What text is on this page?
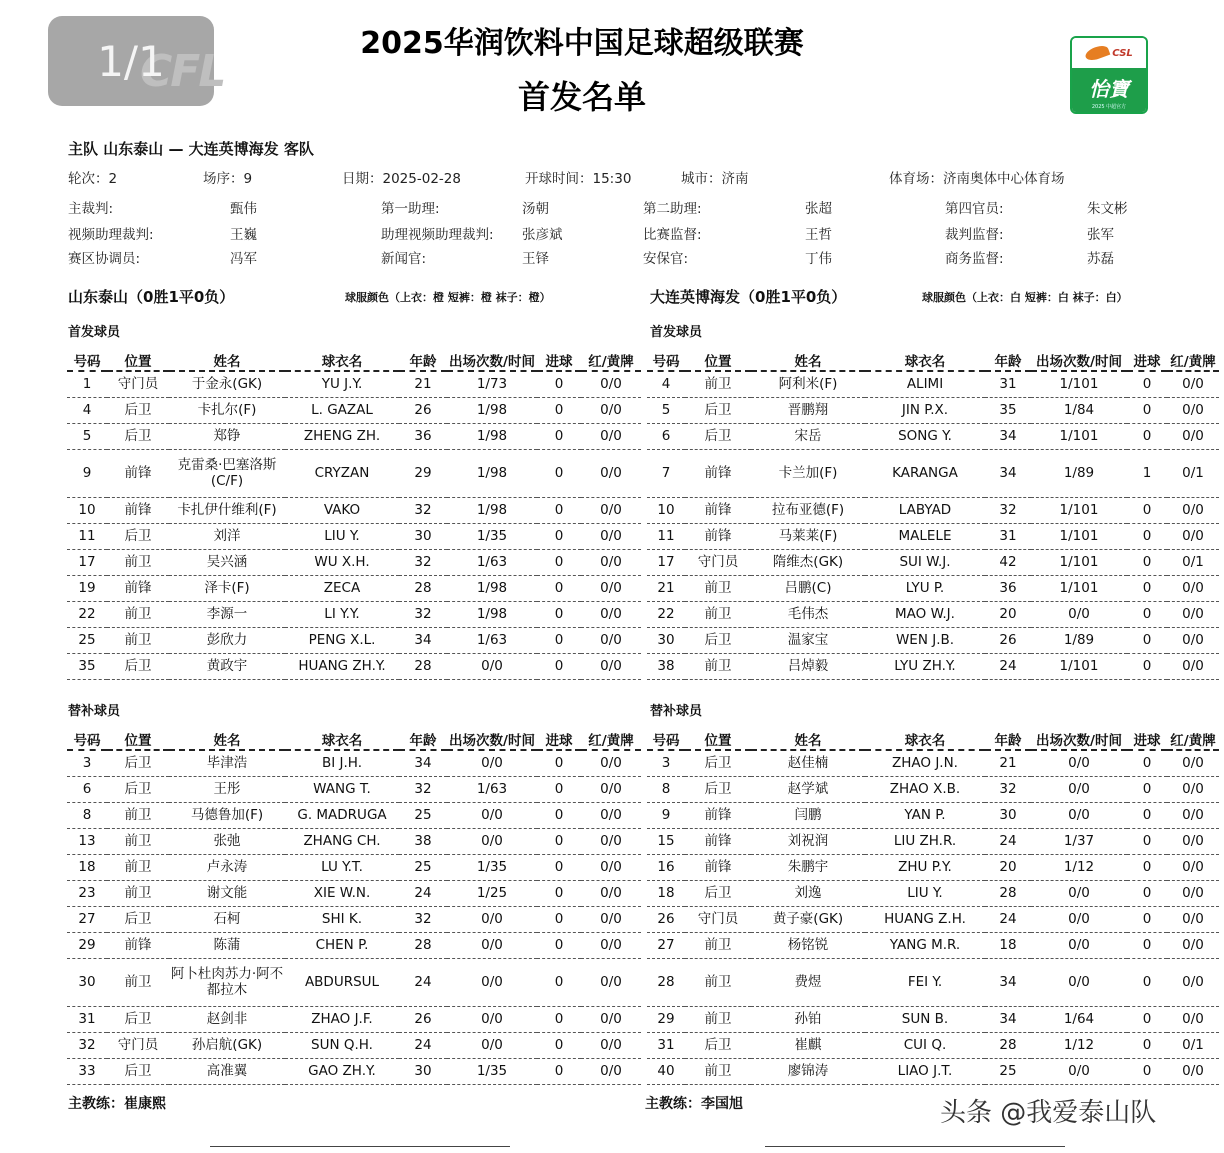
CFL
1/1	2025华润饮料中国足球超级联赛
首发名单
CSL
怡寶
2025 中超官方
主队 山东泰山 — 大连英博海发 客队
轮次：2	场序：9	日期：2025-02-28	开球时间：15:30	城市：济南	体育场：济南奥体中心体育场
主裁判:	甄伟	第一助理:	汤朝	第二助理:	张超	第四官员:	朱文彬
视频助理裁判:	王巍	助理视频助理裁判: 张彦斌	比赛监督:	王哲	裁判监督:	张军
赛区协调员:	冯军	新闻官:	王铎	安保官:	丁伟	商务监督:	苏磊
山东泰山（0胜1平0负）	球服颜色（上衣：橙 短裤：橙 袜子：橙）	大连英博海发（0胜1平0负）	球服颜色（上衣：白 短裤：白 袜子：白）
首发球员	首发球员
替补球员	替补球员
号码	位置	姓名	球衣名	年龄	出场次数/时间	进球	红/黄牌
1	守门员	于金永(GK)	YU J.Y.	21	1/73	0	0/0
4	后卫	卡扎尔(F)	L. GAZAL	26	1/98	0	0/0
5	后卫	郑铮	ZHENG ZH.	36	1/98	0	0/0
9	前锋	克雷桑·巴塞洛斯(C/F)	CRYZAN	29	1/98	0	0/0
10	前锋	卡扎伊什维利(F)	VAKO	32	1/98	0	0/0
11	后卫	刘洋	LIU Y.	30	1/35	0	0/0
17	前卫	吴兴涵	WU X.H.	32	1/63	0	0/0
19	前锋	泽卡(F)	ZECA	28	1/98	0	0/0
22	前卫	李源一	LI Y.Y.	32	1/98	0	0/0
25	前卫	彭欣力	PENG X.L.	34	1/63	0	0/0
35	后卫	黄政宇	HUANG ZH.Y.	28	0/0	0	0/0
号码	位置	姓名	球衣名	年龄	出场次数/时间	进球	红/黄牌
4	前卫	阿利米(F)	ALIMI	31	1/101	0	0/0
5	后卫	晋鹏翔	JIN P.X.	35	1/84	0	0/0
6	后卫	宋岳	SONG Y.	34	1/101	0	0/0
7	前锋	卡兰加(F)	KARANGA	34	1/89	1	0/1
10	前锋	拉布亚德(F)	LABYAD	32	1/101	0	0/0
11	前锋	马莱莱(F)	MALELE	31	1/101	0	0/0
17	守门员	隋维杰(GK)	SUI W.J.	42	1/101	0	0/1
21	前卫	吕鹏(C)	LYU P.	36	1/101	0	0/0
22	前卫	毛伟杰	MAO W.J.	20	0/0	0	0/0
30	后卫	温家宝	WEN J.B.	26	1/89	0	0/0
38	前卫	吕焯毅	LYU ZH.Y.	24	1/101	0	0/0
号码	位置	姓名	球衣名	年龄	出场次数/时间	进球	红/黄牌
3	后卫	毕津浩	BI J.H.	34	0/0	0	0/0
6	后卫	王彤	WANG T.	32	1/63	0	0/0
8	前卫	马德鲁加(F)	G. MADRUGA	25	0/0	0	0/0
13	前卫	张弛	ZHANG CH.	38	0/0	0	0/0
18	前卫	卢永涛	LU Y.T.	25	1/35	0	0/0
23	前卫	谢文能	XIE W.N.	24	1/25	0	0/0
27	后卫	石柯	SHI K.	32	0/0	0	0/0
29	前锋	陈蒲	CHEN P.	28	0/0	0	0/0
30	前卫	阿卜杜肉苏力·阿不都拉木	ABDURSUL	24	0/0	0	0/0
31	后卫	赵剑非	ZHAO J.F.	26	0/0	0	0/0
32	守门员	孙启航(GK)	SUN Q.H.	24	0/0	0	0/0
33	后卫	高准翼	GAO ZH.Y.	30	1/35	0	0/0
号码	位置	姓名	球衣名	年龄	出场次数/时间	进球	红/黄牌
3	后卫	赵佳楠	ZHAO J.N.	21	0/0	0	0/0
8	后卫	赵学斌	ZHAO X.B.	32	0/0	0	0/0
9	前锋	闫鹏	YAN P.	30	0/0	0	0/0
15	前锋	刘祝润	LIU ZH.R.	24	1/37	0	0/0
16	前锋	朱鹏宇	ZHU P.Y.	20	1/12	0	0/0
18	后卫	刘逸	LIU Y.	28	0/0	0	0/0
26	守门员	黄子豪(GK)	HUANG Z.H.	24	0/0	0	0/0
27	前卫	杨铭锐	YANG M.R.	18	0/0	0	0/0
28	前卫	费煜	FEI Y.	34	0/0	0	0/0
29	前卫	孙铂	SUN B.	34	1/64	0	0/0
31	后卫	崔麒	CUI Q.	28	1/12	0	0/1
40	前卫	廖锦涛	LIAO J.T.	25	0/0	0	0/0
主教练：崔康熙	主教练：李国旭	头条 @我爱泰山队
